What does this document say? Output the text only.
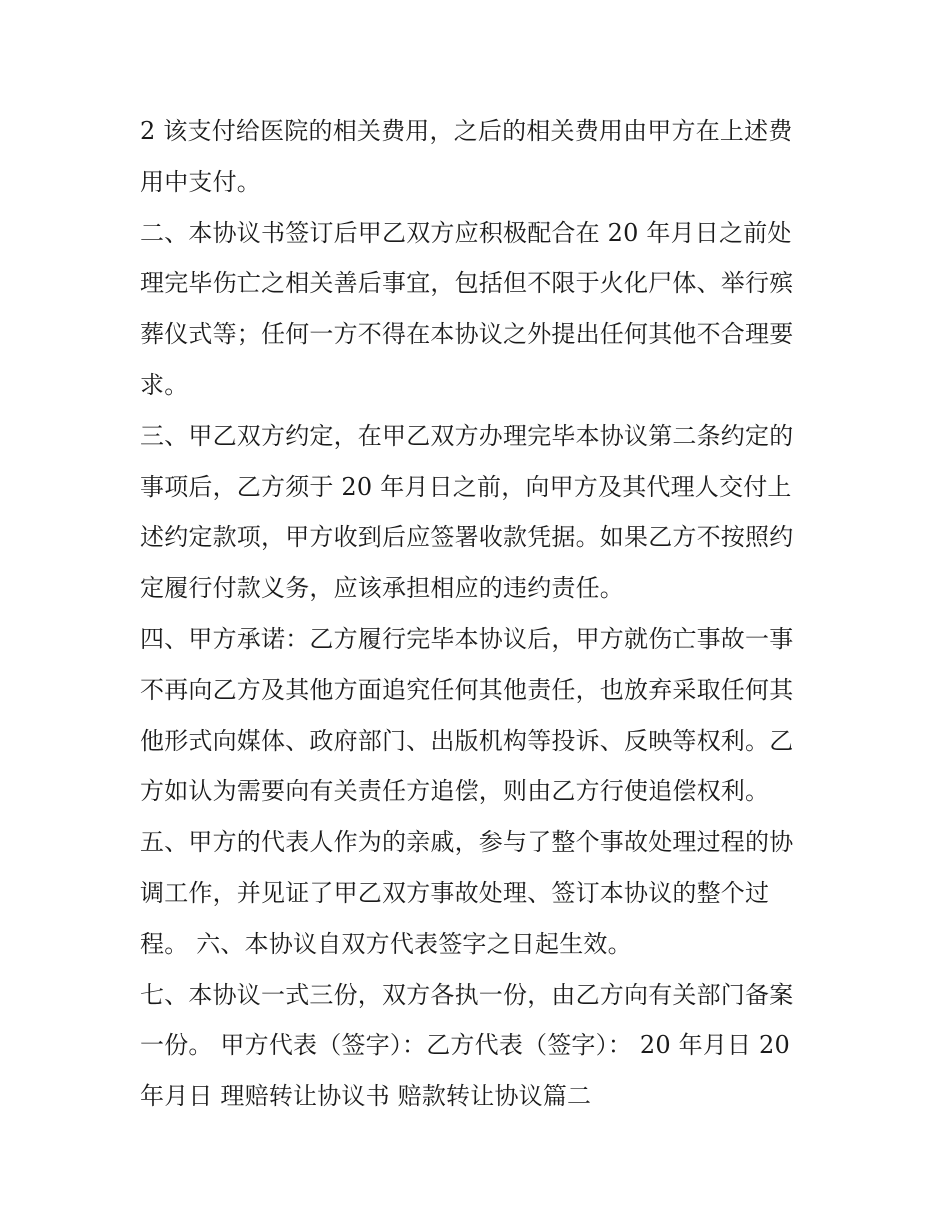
2 该支付给医院的相关费用，之后的相关费用由甲方在上述费
用中支付。
二、本协议书签订后甲乙双方应积极配合在 20 年月日之前处
理完毕伤亡之相关善后事宜，包括但不限于火化尸体、举行殡
葬仪式等；任何一方不得在本协议之外提出任何其他不合理要
求。
三、甲乙双方约定，在甲乙双方办理完毕本协议第二条约定的
事项后，乙方须于 20 年月日之前，向甲方及其代理人交付上
述约定款项，甲方收到后应签署收款凭据。如果乙方不按照约
定履行付款义务，应该承担相应的违约责任。
四、甲方承诺：乙方履行完毕本协议后，甲方就伤亡事故一事
不再向乙方及其他方面追究任何其他责任，也放弃采取任何其
他形式向媒体、政府部门、出版机构等投诉、反映等权利。乙
方如认为需要向有关责任方追偿，则由乙方行使追偿权利。
五、甲方的代表人作为的亲戚，参与了整个事故处理过程的协
调工作，并见证了甲乙双方事故处理、签订本协议的整个过
程。 六、本协议自双方代表签字之日起生效。
七、本协议一式三份，双方各执一份，由乙方向有关部门备案
一份。 甲方代表（签字）：乙方代表（签字）： 20 年月日 20
年月日 理赔转让协议书 赔款转让协议篇二
